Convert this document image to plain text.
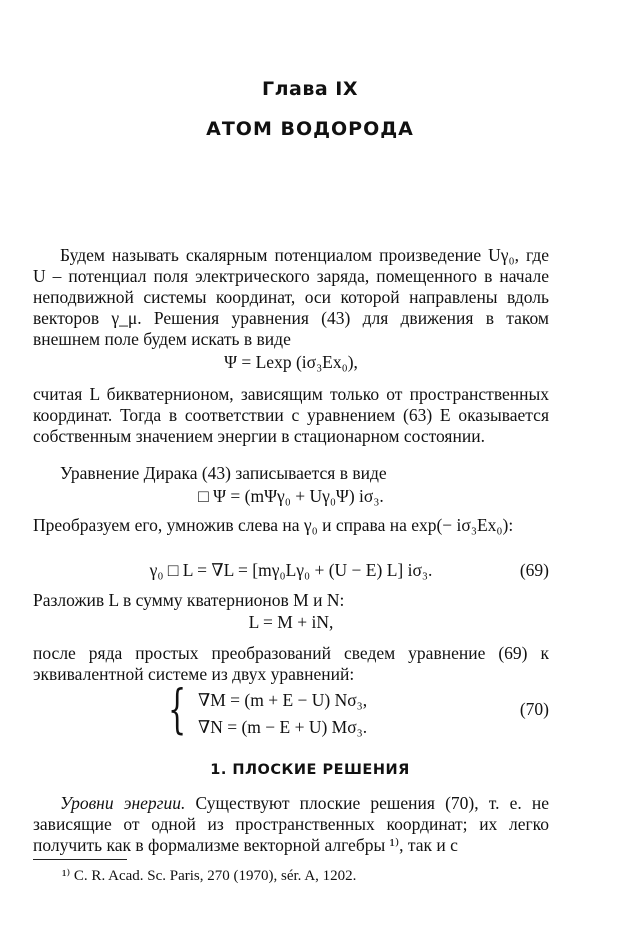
Глава IX
АТОМ ВОДОРОДА

Будем называть скалярным потенциалом произведение Uγ₀, где U – потенциал поля электрического заряда, помещенного в начале неподвижной системы координат, оси которой направлены вдоль векторов γ_μ. Решения уравнения (43) для движения в таком внешнем поле будем искать в виде

Ψ = Lexp (iσ₃Ex₀),

считая L бикватернионом, зависящим только от пространственных координат. Тогда в соответствии с уравнением (63) E оказывается собственным значением энергии в стационарном состоянии.

Уравнение Дирака (43) записывается в виде

□ Ψ = (mΨγ₀ + Uγ₀Ψ) iσ₃.

Преобразуем его, умножив слева на γ₀ и справа на exp(− iσ₃Ex₀):

γ₀ □ L = ∇L = [mγ₀Lγ₀ + (U − E) L] iσ₃.	(69)

Разложив L в сумму кватернионов M и N:

L = M + iN,

после ряда простых преобразований сведем уравнение (69) к эквивалентной системе из двух уравнений:

{ ∇M = (m + E − U) Nσ₃,
∇N = (m − E + U) Mσ₃.
(70)
1. ПЛОСКИЕ РЕШЕНИЯ

Уровни энергии. Существуют плоские решения (70), т. е. не зависящие от одной из пространственных координат; их легко получить как в формализме векторной алгебры ¹⁾, так и с

¹⁾ C. R. Acad. Sc. Paris, 270 (1970), sér. A, 1202.
